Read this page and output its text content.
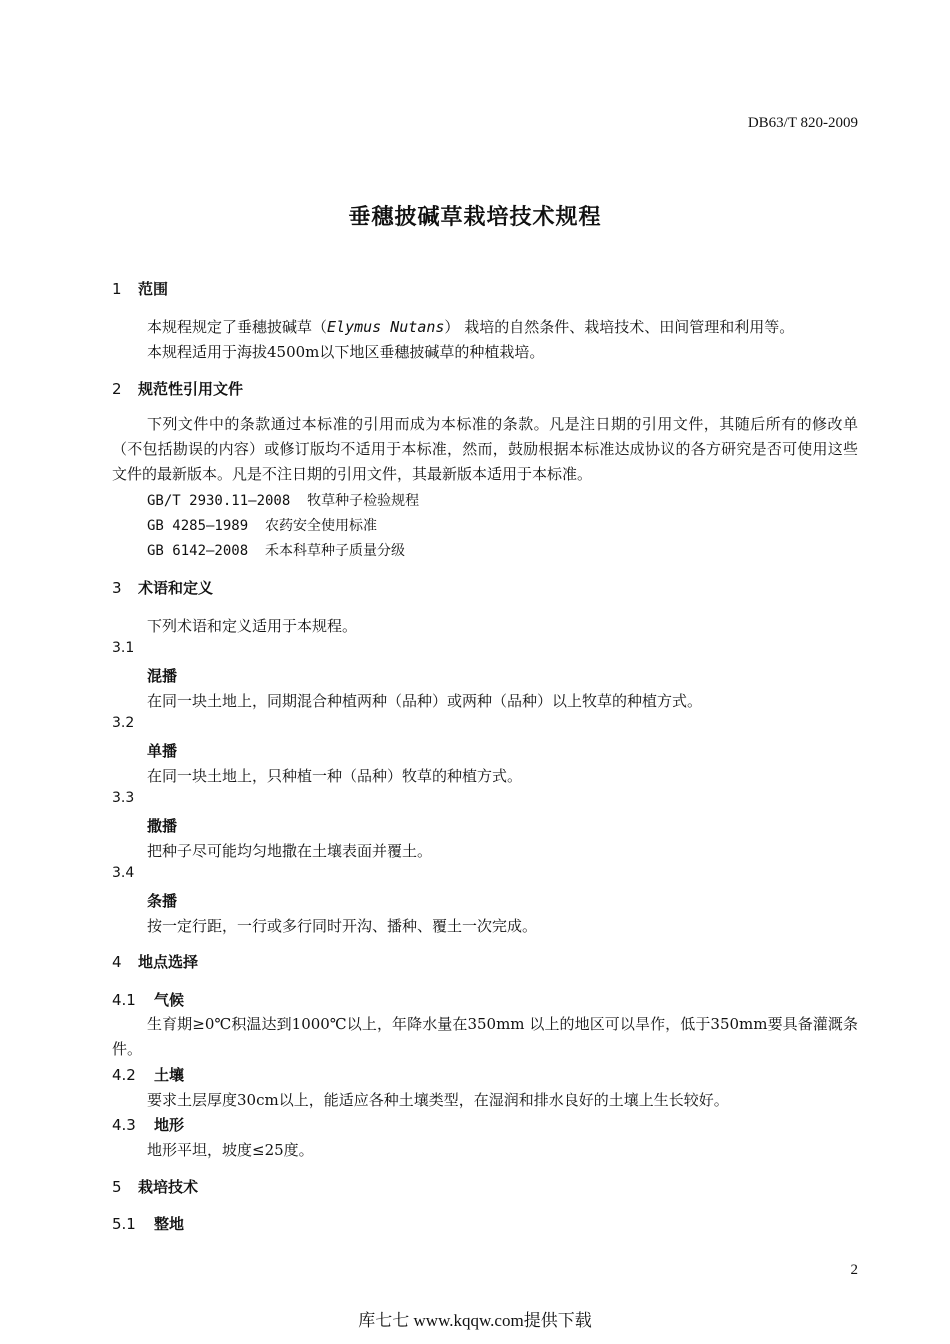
DB63/T 820-2009
垂穗披碱草栽培技术规程
1 范围
本规程规定了垂穗披碱草（Elymus Nutans） 栽培的自然条件、栽培技术、田间管理和利用等。
本规程适用于海拔4500m以下地区垂穗披碱草的种植栽培。
2 规范性引用文件
下列文件中的条款通过本标准的引用而成为本标准的条款。凡是注日期的引用文件，其随后所有的修改单（不包括勘误的内容）或修订版均不适用于本标准，然而，鼓励根据本标准达成协议的各方研究是否可使用这些文件的最新版本。凡是不注日期的引用文件，其最新版本适用于本标准。
GB/T 2930.11—2008 牧草种子检验规程
GB 4285—1989 农药安全使用标准
GB 6142—2008 禾本科草种子质量分级
3 术语和定义
下列术语和定义适用于本规程。
3.1
混播
在同一块土地上，同期混合种植两种（品种）或两种（品种）以上牧草的种植方式。
3.2
单播
在同一块土地上，只种植一种（品种）牧草的种植方式。
3.3
撒播
把种子尽可能均匀地撒在土壤表面并覆土。
3.4
条播
按一定行距，一行或多行同时开沟、播种、覆土一次完成。
4 地点选择
4.1 气候
生育期≥0℃积温达到1000℃以上，年降水量在350mm 以上的地区可以旱作，低于350mm要具备灌溉条件。
4.2 土壤
要求土层厚度30cm以上，能适应各种土壤类型，在湿润和排水良好的土壤上生长较好。
4.3 地形
地形平坦，坡度≤25度。
5 栽培技术
5.1 整地
2
库七七 www.kqqw.com提供下载
